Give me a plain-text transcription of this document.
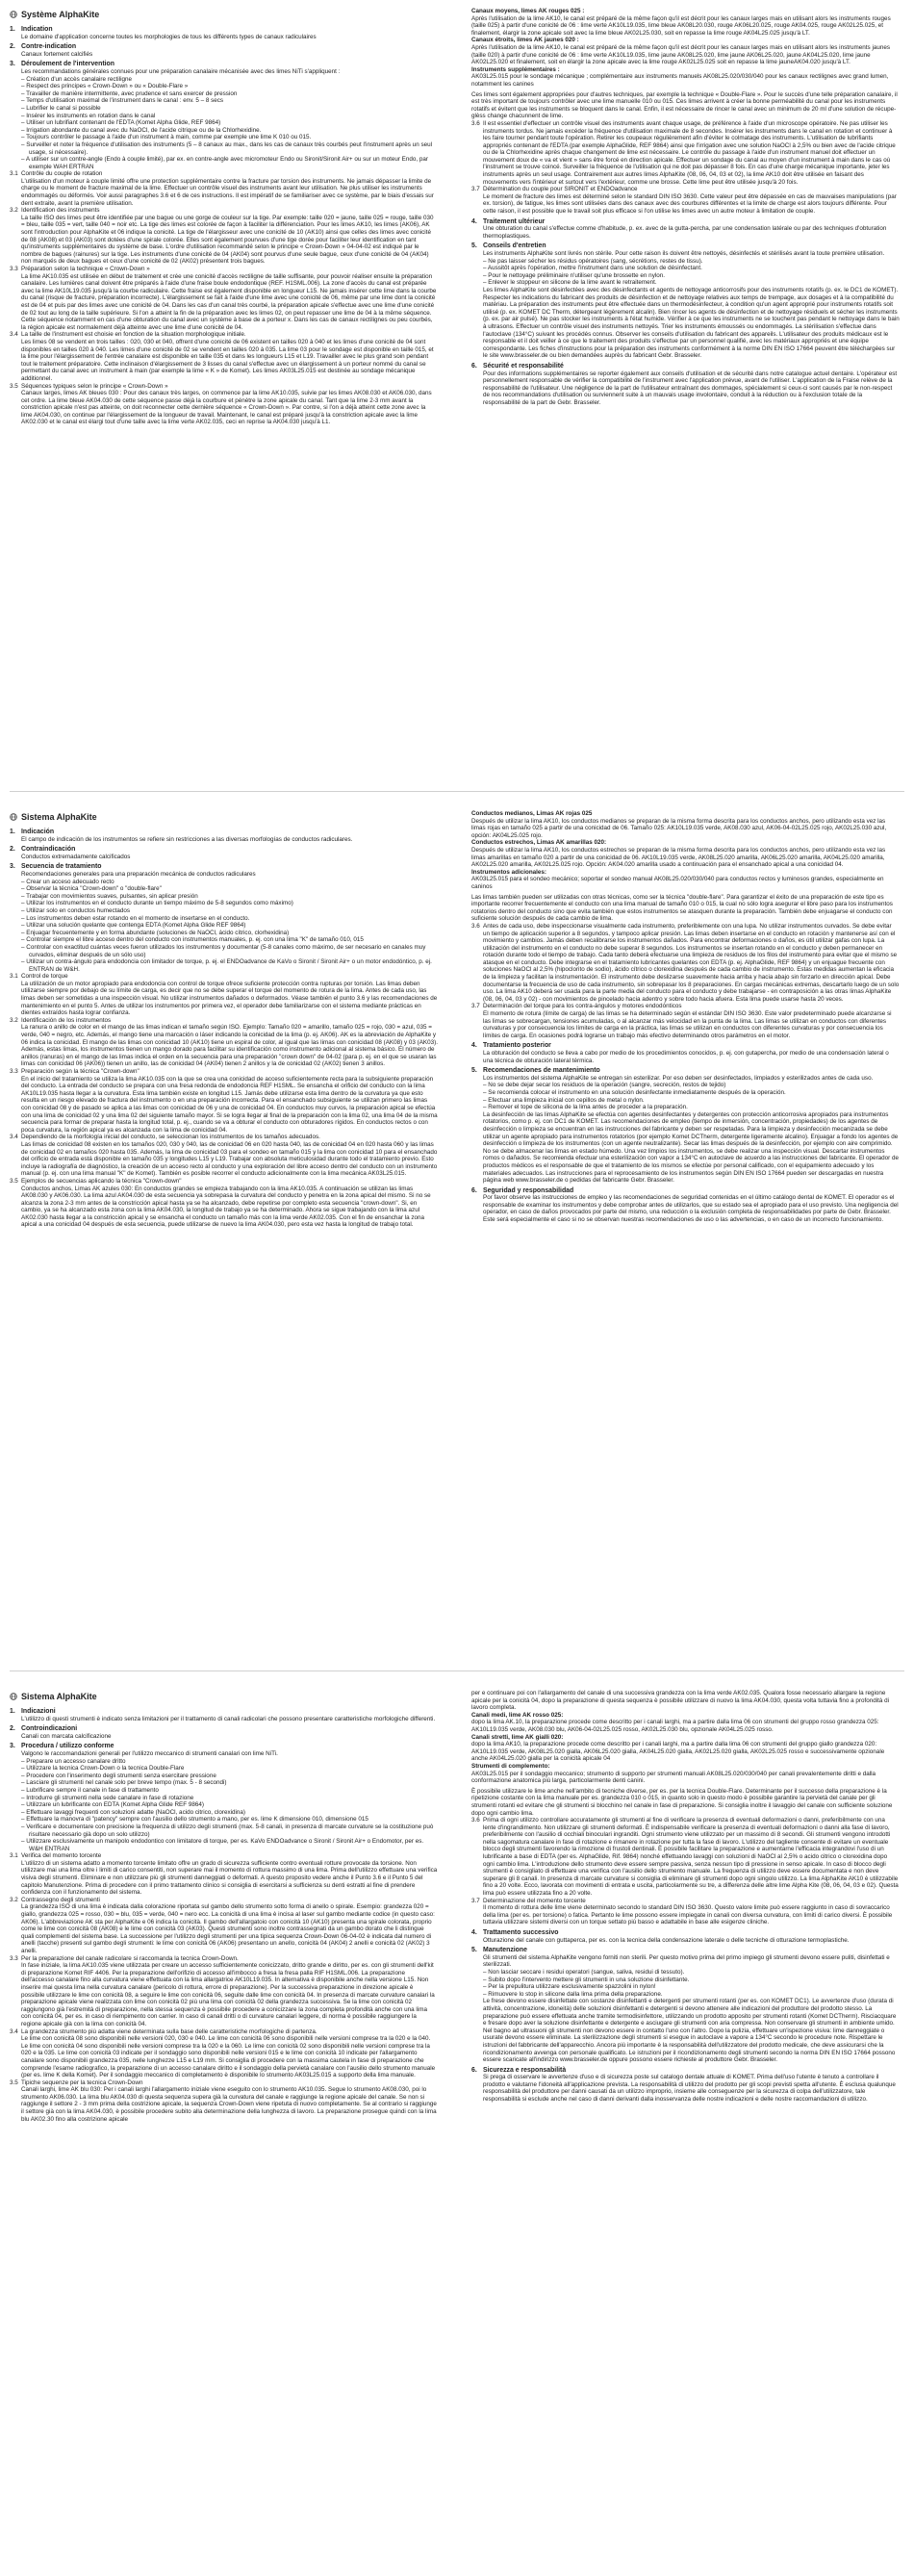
Système AlphaKite
1. Indication

Le domaine d'application concerne toutes les morphologies de tous les différents types de canaux radiculaires

2. Contre-indication

Canaux fortement calcifiés

3. Déroulement de l'intervention

Les recommandations générales connues pour une préparation canalaire mécanisée avec des limes NiTi s'appliquent :

– Création d'un accès canalaire rectiligne

– Respect des principes « Crown-Down » ou « Double-Flare »

– Travailler de manière intermittente, avec prudence et sans exercer de pression

– Temps d'utilisation maximal de l'instrument dans le canal : env. 5 – 8 secs

– Lubrifier le canal si possible

– Insérer les instruments en rotation dans le canal

– Utiliser un lubrifiant contenant de l'EDTA (Komet Alpha Glide, REF 9864)

– Irrigation abondante du canal avec du NaOCl, de l'acide citrique ou de la Chlorhexidine.

– Toujours contrôler le passage à l'aide d'un instrument à main, comme par exemple une lime K 010 ou 015.

– Surveiller et noter la fréquence d'utilisation des instruments (5 – 8 canaux au max., dans les cas de canaux très courbés peut l'instrument après un seul usage, si nécessaire).

– A utiliser sur un contre-angle (Endo à couple limité), par ex. en contre-angle avec micromoteur Endo ou Sironit/Sironit Air+ ou sur un moteur Endo, par exemple WAH ERTRAN

3.1 Contrôle du couple de rotation

L'utilisation d'un moteur à couple limité offre une protection supplémentaire contre la fracture par torsion des instruments. Ne jamais dépasser la limite de charge ou le moment de fracture maximal de la lime. Effectuer un contrôle visuel des instruments avant leur utilisation. Ne plus utiliser les instruments endommagés ou déformés. Voir aussi paragraphes 3.6 et 6 de ces instructions. Il est impératif de se familiariser avec ce système, par le biais d'essais sur dent extraite, avant la première utilisation.

3.2 Identification des instruments

La taille ISO des limes peut être identifiée par une bague ou une gorge de couleur sur la tige. Par exemple: taille 020 = jaune, taille 025 = rouge, taille 030 = bleu, taille 035 = vert, taille 040 = noir etc. La tige des limes est colorée de façon à faciliter la différenciation. Pour les limes AK10, les limes (AK06), AK sont l'introduction pour AlphaKite et 06 indique la conicité. La tige de l'élargisseur avec une conicité de 10 (AK10) ainsi que celles des limes avec conicité de 08 (AK08) et 03 (AK03) sont dotées d'une spirale colorée. Elles sont également pourvues d'une tige dorée pour faciliter leur identification en tant qu'instruments supplémentaires du système de base. L'ordre d'utilisation recommandé selon le principe « Crown-Down » 04-04-02 est indiqué par le nombre de bagues (rainures) sur la tige. Les instruments d'une conicité de 04 (AK04) sont pourvus d'une seule bague, ceux d'une conicité de 04 (AK04) non marqués de deux bagues et ceux d'une conicité de 02 (AK02) présentent trois bagues.

3.3 Préparation selon la technique « Crown-Down »

La lime AK10.035 est utilisée en début de traitement et crée une conicité d'accès rectiligne de taille suffisante, pour pouvoir réaliser ensuite la préparation canalaire. Les lumières canal doivent être préparés à l'aide d'une fraise boule endodontique (REF. H1SML.006). La zone d'accès du canal est préparée avec la lime AK10L19.035 jusqu'à la courbe radiculaire. Cette fraise est également disponible en longueur L15. Ne jamais insérer cette lime dans la courbe du canal (risque de fracture, préparation incorrecte). L'élargissement se fait à l'aide d'une lime avec une conicité de 06, même par une lime dont la conicité est de 04 et puis par des limes avec une conicité de 04. Dans les cas d'un canal très courbé, la préparation apicale s'effectue avec une lime d'une conicité de 02 tout au long de la taille supérieure. Si l'on a atteint la fin de la préparation avec les limes 02, on peut repasser une lime de 04 à la même séquence. Cette séquence notamment en cas d'une obturation du canal avec un système à base de a porteur x. Dans les cas de canaux rectilignes ou peu courbés, la région apicale est normalement déjà atteinte avec une lime d'une conicité de 04.

3.4 La taille de l'instrument est choisie en fonction de la situation morphologique initiale.

Les limes 08 se vendent en trois tailles : 020, 030 et 040, offrent d'une conicité de 06 existent en tailles 020 à 040 et les limes d'une conicité de 04 sont disponibles en tailles 020 à 040. Les limes d'une conicité de 02 se vendent en tailles 020 à 035. La lime 03 pour le sondage est disponible en taille 015, et la lime pour l'élargissement de l'entrée canalaire est disponible en taille 035 et dans les longueurs L15 et L19. Travailler avec le plus grand soin pendant tout le traitement préparatoire. Cette inclinaison d'élargissement de 3 lisses du canal s'effectue avec un élargissement à un porteur nommé du canal se permettant du canal avec un instrument à main (par exemple la lime « K » de Komet). Les limes AK03L25.015 est destinée au sondage mécanique additionnel.

3.5 Séquences typiques selon le principe « Crown-Down »

Canaux larges, limes AK bleues 030 : Pour des canaux très larges, on commence par la lime AK10.035, suivie par les limes AK08.030 et AK06.030, dans cet ordre. La lime bleue AK04.030 de cette séquence passe déjà la courbure et pénètre la zone apicale du canal. Tant que la lime 2-3 mm avant la constriction apicale n'est pas atteinte, on doit reconnecter cette dernière séquence « Crown-Down ». Par contre, si l'on a déjà atteint cette zone avec la lime AK04.030, on continue par l'élargissement de la longueur de travail. Maintenant, le canal est préparé jusqu'à la constriction apicale avec la lime AK02.030 et le canal est élargi tout d'une taille avec la lime verte AK02.035, ceci en reprise la AK04.030 jusqu'à L1.

Canaux moyens, limes AK rouges 025 :

Après l'utilisation de la lime AK10, le canal est préparé de la même façon qu'il est décrit pour les canaux larges mais en utilisant alors les instruments rouges (taille 025) à partir d'une conicité de 06 : lime verte AK10L19.035, lime bleue AK08L20.030, rouge AK06L20.025, rouge AK04.025, rouge AK02L25.025, et finalement, élargir la zone apicale soit avec la lime bleue AK02L25.030, soit en repasse la lime rouge AK04L25.025 jusqu'à LT.

Canaux étroits, limes AK jaunes 020 :

Après l'utilisation de la lime AK10, le canal est préparé de la même façon qu'il est décrit pour les canaux larges mais en utilisant alors les instruments jaunes (taille 020) à partir d'une conicité de 06 : lime verte AK10L19.035, lime jaune AK08L25.020, lime jaune AK06L25.020, jaune AK04L25.020, lime jaune AK02L25.020 et finalement, soit en élargir la zone apicale avec la lime rouge AK02L25.025 soit en repasse la lime jauneAK04.020 jusqu'à LT.

Instruments supplémentaires :

AK03L25.015 pour le sondage mécanique ; complémentaire aux instruments manuels AK08L25.020/030/040 pour les canaux rectilignes avec grand lumen, notamment les canines

Ces limes sont également appropriées pour d'autres techniques, par exemple la technique « Double-Flare ». Pour le succès d'une telle préparation canalaire, il est très important de toujours contrôler avec une lime manuelle 010 ou 015. Ces limes arrivent à créer la bonne perméabilité du canal pour les instruments rotatifs et évitent que les instruments se bloquent dans le canal. Enfin, il est nécessaire de rincer le canal avec un minimum de 20 ml d'une solution de récupe-glèss change chacunnent de lime.

3.6 Il est essentiel d'effectuer un contrôle visuel des instruments avant chaque usage, de préférence à l'aide d'un microscope opératoire. Ne pas utiliser les instruments tordus. Ne jamais excéder la fréquence d'utilisation maximale de 8 secondes. Insérer les instruments dans le canal en rotation et continuer à les faire tourner pendant toute l'opération. Retirer les coupeaux régulièrement afin d'éviter le colmatage des instruments. L'utilisation de lubrifiants appropriés contenant de l'EDTA (par exemple AlphaGlide, REF 9864) ainsi que l'irrigation avec une solution NaOCl à 2,5% ou bien avec de l'acide citrique ou de la Chlorhexidine après chaque changement de lime est nécessaire. Le contrôle du passage à l'aide d'un instrument manuel doit effectuer un mouvement doux de « va et vient » sans être forcé en direction apicale. Effectuer un sondage du canal au moyen d'un instrument à main dans le cas où l'instrument se trouve coincé. Surveiller la fréquence de l'utilisation qui ne doit pas dépasser 8 fois. En cas d'une charge mécanique importante, jeter les instruments après un seul usage. Contrairement aux autres limes AlphaKite (08, 06, 04, 03 et 02), la lime AK10 doit être utilisée en faisant des mouvements vers l'intérieur et surtout vers l'extérieur, comme une brosse. Cette lime peut être utilisée jusqu'à 20 fois.

3.7 Détermination du couple pour SIRONIT et ENDOadvance

Le moment de fracture des limes est déterminé selon le standard DIN ISO 3630. Cette valeur peut être dépassée en cas de mauvaises manipulations (par ex. torsion), de fatigue, les limes sont utilisées dans des canaux avec des courbures différentes et la limite de charge est alors toujours différente. Pour cette raison, il est possible que le travail soit plus efficace si l'on utilise les limes avec un autre moteur à limitation de couple.

4. Traitement ultérieur

Une obturation du canal s'effectue comme d'habitude, p. ex. avec de la gutta-percha, par une condensation latérale ou par des techniques d'obturation thermoplastiques.

5. Conseils d'entretien

Les instruments AlphaKite sont livrés non stérile. Pour cette raison ils doivent être nettoyés, désinfectés et stérilisés avant la toute première utilisation.

– Ne pas laisser sécher les résidus opératoires (sang, sécrétions, restes de tissu).

– Aussitôt après l'opération, mettre l'instrument dans une solution de désinfectant.

– Pour le nettoyage préliminaire n'utiliser qu'une brossette en nylon.

– Enlever le stoppeur en silicone de la lime avant le retraitement.

Les limes AlphaKite sont désinfectées avec des désinfectants et agents de nettoyage anticorrosifs pour des instruments rotatifs (p. ex. le DC1 de KOMET). Respecter les indications du fabricant des produits de désinfection et de nettoyage relatives aux temps de trempage, aux dosages et à la compatibilité du matériau. La préparation des instruments peut être effectuée dans un thermodésinfecteur, à condition qu'un agent approprié pour instruments rotatifs soit utilisé (p. ex. KOMET DC Therm, détergeant légèrement alcalin). Bien rincer les agents de désinfection et de nettoyage résiduels et sécher les instruments (p. ex. par air pulsé). Ne pas stocker les instruments à l'état humide. Vérifier à ce que les instruments ne se touchent pas pendant le nettoyage dans le bain à ultrasons. Effectuer un contrôle visuel des instruments nettoyés. Trier les instruments émoussés ou endommagés. La stérilisation s'effectue dans l'autoclave (134°C) suivant les procédés connus. Observer les conseils d'utilisation du fabricant des appareils. L'utilisateur des produits médicaux est le responsable et il doit veiller à ce que le traitement des produits s'effectue par un personnel qualifié, avec les matériaux appropriés et une équipe correspondante. Les fiches d'instructions pour la préparation des instruments conformément à la norme DIN EN ISO 17664 peuvent être téléchargées sur le site www.brasseler.de ou bien demandées auprès du fabricant Gebr. Brasseler.

6. Sécurité et responsabilité

Pour des informations supplémentaires se reporter également aux conseils d'utilisation et de sécurité dans notre catalogue actuel dentaire. L'opérateur est personnellement responsable de vérifier la compatibilité de l'instrument avec l'application prévue, avant de l'utiliser. L'application de la Fraise relève de la responsabilité de l'utilisateur. Une négligence de la part de l'utilisateur entraînant des dommages, spécialement si ceux-ci sont causés par le non-respect de nos recommandations d'utilisation ou surviennent suite à un mauvais usage involontaire, conduit à la réduction ou à l'exclusion totale de la responsabilité de la part de Gebr. Brasseler.

Sistema AlphaKite
1. Indicación

El campo de indicación de los instrumentos se refiere sin restricciones a las diversas morfologías de conductos radiculares.

2. Contraindicación

Conductos extremadamente calcificados

3. Secuencia de tratamiento

Recomendaciones generales para una preparación mecánica de conductos radiculares

– Crear un acceso adecuado recto

– Observar la técnica "Crown-down" o "double-flare"

– Trabajar con movimientos suaves, pulsantes, sin aplicar presión

– Utilizar los instrumentos en el conducto durante un tiempo máximo de 5-8 segundos como máximo)

– Utilizar solo en conductos humectados

– Los instrumentos deben estar rotando en el momento de insertarse en el conducto.

– Utilizar una solución quelante que contenga EDTA (Komet Alpha Glide REF 9864)

– Enjuagar frecuentemente y en forma abundante (soluciones de NaOCl, ácido cítrico, clorhexidina)

– Controlar siempre el libre acceso dentro del conducto con instrumentos manuales, p. ej. con una lima "K" de tamaño 010, 015

– Controlar con exactitud cuántas veces fueron utilizados los instrumentos y documentar (5-8 canales como máximo, de ser necesario en canales muy curvados, eliminar después de un sólo uso)

– Utilizar un contra-ángulo para endodoncia con limitador de torque, p. ej. el ENDOadvance de KaVo o Sironit / Sironit Air+ o un motor endodóntico, p. ej. ENTRAN de W&H.

3.1 Control de torque

La utilización de un motor apropiado para endodoncia con control de torque ofrece suficiente protección contra rupturas por torsión. Las limas deben utilizarse siempre por debajo de su límite de carga, es decir que no se debe superar el torque del momento de rotura de la lima. Antes de cada uso, las limas deben ser sometidas a una inspección visual. No utilizar instrumentos dañados o deformados. Véase también el punto 3.6 y las recomendaciones de mantenimiento en el punto 5. Antes de utilizar los instrumentos por primera vez, el operador debe familiarizarse con el sistema mediante prácticas en dientes extraídos hasta lograr confianza.

3.2 Identificación de los instrumentos

La ranura o anillo de color en el mango de las limas indican el tamaño según ISO. Ejemplo: Tamaño 020 = amarillo, tamaño 025 = rojo, 030 = azul, 035 = verde, 040 = negro, etc. Además, el mango tiene una marcación o láser indicando la conicidad de la lima (p. ej. AK06). AK es la abreviación de AlphaKite y 06 indica la conicidad. El mango de las limas con conicidad 10 (AK10) tiene un espiral de color, al igual que las limas con conicidad 08 (AK08) y 03 (AK03). Además, estas limas, los instrumentos tienen un mango dorado para facilitar su identificación como instrumento adicional al sistema básico. El número de anillos (ranuras) en el mango de las limas indica el orden en la secuencia para una preparación "crown down" de 04-02 (para p. ej. en el que se usaran las limas con conicidad 06 (AK06)) tienen un anillo, las de conicidad 04 (AK04) tienen 2 anillos y la de conicidad 02 (AK02) tienen 3 anillos.

3.3 Preparación según la técnica "Crown-down"

En el inicio del tratamiento se utiliza la lima AK10.035 con la que se crea una conicidad de acceso suficientemente recta para la subsiguiente preparación del conducto. La entrada del conducto se prepara con una fresa redonda de endodoncia REF H1SML. Se ensancha el orificio del conducto con la lima AK10L19.035 hasta llegar a la curvatura. Esta lima también existe en longitud L15. Jamás debe utilizarse esta lima dentro de la curvatura ya que esto resulta en un riesgo elevado de fractura del instrumento o en una preparación incorrecta. Para el ensanchado subsiguiente se utilizan primero las limas con conicidad 08 y de pasado se aplica a las limas con conicidad de 06 y una de conicidad 04. En conductos muy curvos, la preparación apical se efectúa con una lima de conicidad 02 y una lima 02 del siguiente tamaño mayor. Si se logra llegar al final de la preparación con la lima 02, una lima 04 de la misma secuencia para formar de preparar hasta la longitud total, p. ej., cuando se va a obturar el conducto con obturadores rígidos. En conductos rectos o con poca curvatura, la región apical ya es alcanzada con la lima de conicidad 04.

3.4 Dependiendo de la morfología inicial del conducto, se seleccionan los instrumentos de los tamaños adecuados.

Las limas de conicidad 08 existen en los tamaños 020, 030 y 040, las de conicidad 06 en 020 hasta 040, las de conicidad 04 en 020 hasta 060 y las limas de conicidad 02 en tamaños 020 hasta 035. Además, la lima de conicidad 03 para el sondeo en tamaño 015 y la lima con conicidad 10 para el ensanchado del orificio de entrada está disponible en tamaño 035 y longitudes L15 y L19. Trabajar con absoluta meticulosidad durante todo el tratamiento previo. Esto incluye la radiografía de diagnóstico, la creación de un acceso recto al conducto y una exploración del libre acceso dentro del conducto con un instrumento manual (p. ej. con una lima manual "K" de Komet). También es posible recorrer el conducto adicionalmente con la lima mecánica AK03L25.015.

3.5 Ejemplos de secuencias aplicando la técnica "Crown-down"

Conductos anchos, Limas AK azules 030: En conductos grandes se empieza trabajando con la lima AK10.035. A continuación se utilizan las limas AK08.030 y AK06.030. La lima azul AK04.030 de esta secuencia ya sobrepasa la curvatura del conducto y penetra en la zona apical del mismo. Si no se alcanza la zona 2-3 mm antes de la constricción apical hasta ya se ha alcanzado, debe repetirse por completo esta secuencia "crown-down". Si, en cambio, ya se ha alcanzado esta zona con la lima AK04.030, la longitud de trabajo ya se ha determinado. Ahora se sigue trabajando con la lima azul AK02.030 hasta llegar a la constricción apical y se ensancha el conducto un tamaño más con la lima verde AK02.035. Con el fin de ensanchar la zona apical a una conicidad 04 después de esta secuencia, puede utilizarse de nuevo la lima AK04.030, pero esta vez hasta la longitud de trabajo total.

Conductos medianos, Limas AK rojas 025

Después de utilizar la lima AK10, los conductos medianos se preparan de la misma forma descrita para los conductos anchos, pero utilizando esta vez las limas rojas en tamaño 025 a partir de una conicidad de 06. Tamaño 025: AK10L19.035 verde, AK08.030 azul, AK06-04-02L25.025 rojo, AK02L25.030 azul, opción: AK04L25.025 rojo.

Conductos estrechos, Limas AK amarillas 020:

Después de utilizar la lima AK10, los conductos estrechos se preparan de la misma forma descrita para los conductos anchos, pero utilizando esta vez las limas amarillas en tamaño 020 a partir de una conicidad de 06. AK10L19.035 verde, AK08L25.020 amarilla, AK06L25.020 amarilla, AK04L25.020 amarilla, AK02L25.020 amarilla, AK02L25.025 rojo. Opción: AK04.020 amarilla usado a continuación para el ensanchado apical a una conicidad 04.

Instrumentos adicionales:

AK03L25.015 para el sondeo mecánico; soportar el sondeo manual AK08L25.020/030/040 para conductos rectos y luminosos grandes, especialmente en caninos

Las limas también pueden ser utilizadas con otras técnicas, como ser la técnica "double-flare". Para garantizar el éxito de una preparación de este tipo es importante recorrer frecuentemente el conducto con una lima manual de tamaño 010 o 015, la cual no sólo logra asegurar el libre paso para los instrumentos rotatorios dentro del conducto sino que evita también que estos instrumentos se atasquen durante la preparación. También debe enjuagarse el conducto con suficiente solución después de cada cambio de lima.

3.6 Antes de cada uso, debe inspeccionarse visualmente cada instrumento, preferiblemente con una lupa. No utilizar instrumentos curvados. Se debe evitar un tiempo de aplicación superior a 8 segundos, y tampoco aplicar presión. Las limas deben insertarse en el conducto en rotación y mantenerse así con el movimiento y cambios. Jamás deben recalibrarse los instrumentos dañados. Para encontrar deformaciones o daños, es útil utilizar gafas con lupa. La utilización del instrumento en el conducto no debe superar 8 segundos. Los instrumentos se insertan rotando en el conducto y deben permanecer en rotación durante todo el tiempo de trabajo. Cada tanto deberá efectuarse una limpieza de residuos de los filos del instrumento para evitar que el mismo se atasque en el conducto. Debe integrarse en el tratamiento lubricantes quelantes con EDTA (p. ej. AlphaGlide, REF 9864) y un enjuague frecuente con soluciones NaOCl al 2,5% (hipoclorito de sodio), ácido cítrico o clorexidina después de cada cambio de instrumento. Estas medidas aumentan la eficacia de la limpieza y facilitan la instrumentación. El instrumento debe deslizarse suavemente hacia arriba y hacia abajo sin forzarlo en dirección apical. Debe documentarse la frecuencia de uso de cada instrumento, sin sobrepasar los 8 preparaciones. En cargas mecánicas extremas, descartarlo luego de un solo uso. La lima AK10 deberá ser usada para la parte media del conducto para el conducto y debe trabajarse - en contraposición a las otras limas AlphaKite (08, 06, 04, 03 y 02) - con movimientos de pincelado hacia adentro y sobre todo hacia afuera. Esta lima puede usarse hasta 20 veces.

3.7 Determinación del torque para los contra-ángulos y motores endodónticos

El momento de rotura (límite de carga) de las limas se ha determinado según el estándar DIN ISO 3630. Este valor predeterminado puede alcanzarse si las limas se sobrecargan, tensiones acumuladas, o al alcanzar más velocidad en la punta de la lima. Las limas se utilizan en conductos con diferentes curvaturas y por consecuencia los límites de carga en la práctica, las limas se utilizan en conductos con diferentes curvaturas y por consecuencia los límites de carga. En ocasiones podrá lograrse un trabajo más efectivo determinando otros parámetros en el motor.

4. Tratamiento posterior

La obturación del conducto se lleva a cabo por medio de los procedimientos conocidos, p. ej. con gutapercha, por medio de una condensación lateral o una técnica de obturación lateral térmica.

5. Recomendaciones de mantenimiento

Los instrumentos del sistema AlphaKite se entregan sin esterilizar. Por eso deben ser desinfectados, limpiados y esterilizados antes de cada uso.

– No se debe dejar secar los residuos de la operación (sangre, secreción, restos de tejido)

– Se recomienda colocar el instrumento en una solución desinfectante inmediatamente después de la operación.

– Efectuar una limpieza inicial con cepillos de metal o nylon.

– Remover el tope de silicona de la lima antes de proceder a la preparación.

La desinfección de las limas AlphaKite se efectúa con agentes desinfectantes y detergentes con protección anticorrosiva apropiados para instrumentos rotatorios, como p. ej. con DC1 de KOMET. Las recomendaciones de empleo (tiempo de inmersión, concentración, propiedades) de los agentes de desinfección o limpieza se encuentran en las instrucciones del fabricante y deben ser respetadas. Para la limpieza y desinfección mecanizada se debe utilizar un agente apropiado para instrumentos rotatorios (por ejemplo Komet DCTherm, detergente ligeramente alcalino). Enjuagar a fondo los agentes de desinfección o limpieza de los instrumentos (con un agente neutralizante). Secar las limas después de la desinfección, por ejemplo con aire comprimido. No se debe almacenar las limas en estado húmedo. Una vez limpios los instrumentos, se debe realizar una inspección visual. Descartar instrumentos romos o dañados. Se recomienda efectuar una esterilización con vapor a 134°C en autoclave de acuerdo a las instrucciones del fabricante. El operador de productos médicos es el responsable de que el tratamiento de los mismos se efectúe por personal calificado, con el equipamiento adecuado y los materiales adecuados. Las instrucciones para el reprocesamiento de los instrumentos según DIN EN ISO 17664 pueden ser descargadas en nuestra página web www.brasseler.de o pedidas del fabricante Gebr. Brasseler.

6. Seguridad y responsabilidad

Por favor observe las instrucciones de empleo y las recomendaciones de seguridad contenidas en el último catálogo dental de KOMET. El operador es el responsable de examinar los instrumentos y debe comprobar antes de utilizarlos, que su estado sea el apropiado para el uso previsto. Una negligencia del operador, en caso de daños provocados por parte del mismo, una reducción o la exclusión completa de responsabilidades por parte de Gebr. Brasseler. Este será especialmente el caso si no se observan nuestras recomendaciones de uso o las advertencias, o en caso de un incorrecto funcionamiento.

Sistema AlphaKite
1. Indicazioni

L'utilizzo di questi strumenti è indicato senza limitazioni per il trattamento di canali radicolari che possono presentare caratteristiche morfologiche differenti.

2. Controindicazioni

Canali con marcata calcificazione

3. Procedura / utilizzo conforme

Valgono le raccomandazioni generali per l'utilizzo meccanico di strumenti canalari con lime NiTi.

– Preparare un accesso canalare dritto

– Utilizzare la tecnica Crown-Down o la tecnica Double-Flare

– Procedere con l'inserimento degli strumenti senza esercitare pressione

– Lasciare gli strumenti nel canale solo per breve tempo (max. 5 - 8 secondi)

– Lubrificare sempre il canale in fase di trattamento

– Introdurre gli strumenti nella sede canalare in fase di rotazione

– Utilizzare un lubrificante con EDTA (Komet Alpha Glide REF 9864)

– Effettuare lavaggi frequenti con soluzioni adatte (NaOCl, acido citrico, clorexidina)

– Effettuare la manovra di "patency" sempre con l'ausilio dello strumento a mano, per es. lime K dimensione 010, dimensione 015

– Verificare e documentare con precisione la frequenza di utilizzo degli strumenti (max. 5-8 canali, in presenza di marcate curvature se la costituzione può risultare necessario già dopo un solo utilizzo)

– Utilizzare esclusivamente un manipolo endodontico con limitatore di torque, per es. KaVo ENDOadvance o Sironit / Sironit Air+ o Endomotor, per es. W&H ENTRAN

3.1 Verifica del momento torcente

L'utilizzo di un sistema adatto a momento torcente limitato offre un grado di sicurezza sufficiente contro eventuali rotture provocate da torsione. Non utilizzare mai una lima oltre i limiti di carico consentiti, non superare mai il momento di rottura massimo di una lima. Prima dell'utilizzo effettuare una verifica visiva degli strumenti. Eliminare e non utilizzare più gli strumenti danneggiati o deformati. A questo proposito vedere anche il Punto 3.6 e il Punto 5 del capitolo Manutenzione. Prima di procedere con il primo trattamento clinico si consiglia di esercitarsi a sufficienza su denti estratti al fine di prendere confidenza con il funzionamento del sistema.

3.2 Contrassegno degli strumenti

La grandezza ISO di una lima è indicata dalla colorazione riportata sul gambo dello strumento sotto forma di anello o spirale. Esempio: grandezza 020 = giallo, grandezza 025 = rosso, 030 = blu, 035 = verde, 040 = nero ecc. La conicità di una lima è incisa al laser sul gambo mediante codice (in questo caso: AK06). L'abbreviazione AK sta per AlphaKite e 06 indica la conicità. Il gambo dell'allargatoio con conicità 10 (AK10) presenta una spirale colorata, proprio come le lime con conicità 08 (AK08) e le lime con conicità 03 (AK03). Questi strumenti sono inoltre contrassegnati da un gambo dorato che li distingue quali complementi del sistema base. La successione per l'utilizzo degli strumenti per una tipica sequenza Crown-Down 06-04-02 è indicata dal numero di anelli (tacche) presenti sul gambo degli strumenti: le lime con conicità 06 (AK06) presentano un anello, conicità 04 (AK04) 2 anelli e conicità 02 (AK02) 3 anelli.

3.3 Per la preparazione del canale radicolare si raccomanda la tecnica Crown-Down.

In fase iniziale, la lima AK10.035 viene utilizzata per creare un accesso sufficientemente conicizzato, dritto grande e diritto, per es. con gli strumenti dell'kit di preparazione Komet RIF 4406. Per la preparazione dell'orifizio di accesso all'imbocco a fresa la fresa palla RIF H1SML.006. La preparazione dell'accesso canalare fino alla curvatura viene effettuata con la lima allargatrice AK10L19.035. In alternativa è disponibile anche nella versione L15. Non inserire mai questa lima nella curvatura canalare (pericolo di rottura, errore di preparazione). Per la successiva preparazione in direzione apicale è possibile utilizzare le lime con conicità 08, a seguire le lime con conicità 06, seguite dalle lime con conicità 04. In presenza di marcate curvature canalari la preparazione apicale viene realizzata con lime con conicità 02 più una lima con conicità 02 della grandezza successiva. Se la lime con conicità 02 raggiungono già l'estremità di preparazione, nella stessa sequenza è possibile procedere a conicizzare la zona completa profondità anche con una lima con conicità 04, per es. in caso di riempimento con carrier. In caso di canali dritti o di curvature canalari leggere, di norma è possibile raggiungere la regione apicale già con la lima con conicità 04.

3.4 La grandezza strumento più adatta viene determinata sulla base delle caratteristiche morfologiche di partenza.

Le lime con conicità 08 sono disponibili nelle versioni 020, 030 e 040. Le lime con conicità 06 sono disponibili nelle versioni comprese tra la 020 e la 040. Le lime con conicità 04 sono disponibili nelle versioni comprese tra la 020 e la 060. Le lime con conicità 02 sono disponibili nelle versioni comprese tra la 020 e la 035. Le lime con conicità 03 indicate per il sondaggio sono disponibili nelle versioni 015 e le lime con conicità 10 indicate per l'allargamento canalare sono disponibili grandezza 035, nelle lunghezze L15 e L19 mm. Si consiglia di procedere con la massima cautela in fase di preparazione che comprende l'esame radiografico, la preparazione di un accesso canalare diritto e il sondaggio della pervietà canalare con l'ausilio dello strumento manuale (per es. lime K della Komet). Per il sondaggio meccanico di completamento è disponibile lo strumento AK03L25.015 a supporto della lima manuale.

3.5 Tipiche sequenze per la tecnica Crown-Down

Canali larghi, lime AK blu 030: Per i canali larghi l'allargamento iniziale viene eseguito con lo strumento AK10.035. Segue lo strumento AK08.030, poi lo strumento AK06.030. La lima blu AK04.030 di questa sequenza supera già la curvatura del canale e raggiunge la regione apicale del canale. Se non si raggiunge il settore 2 - 3 mm prima della costrizione apicale, la sequenza Crown-Down viene ripetuta di nuovo completamente. Se al contrario si raggiunge il settore già con la lima AK04.030, è possibile procedere subito alla determinazione della lunghezza di lavoro. La preparazione prosegue quindi con la lima blu AK02.30 fino alla costrizione apicale

per e continuare poi con l'allargamento del canale di una successiva grandezza con la lima verde AK02.035. Qualora fosse necessario allargare la regione apicale per la conicità 04, dopo la preparazione di questa sequenza è possibile utilizzare di nuovo la lima AK04.030, questa volta tuttavia fino a profondità di lavoro completa.

Canali medi, lime AK rosso 025:

dopo la lima AK.10, la preparazione procede come descritto per i canali larghi, ma a partire dalla lima 06 con strumenti del gruppo rosso grandezza 025: AK10L19.035 verde, AK08.030 blu, AK06-04-02L25.025 rosso, AK02L25.030 blu, opzionale AK04L25.025 rosso.

Canali stretti, lime AK gialli 020:

dopo la lima AK10, la preparazione procede come descritto per i canali larghi, ma a partire dalla lima 06 con strumenti del gruppo giallo grandezza 020: AK10L19.035 verde, AK08L25.020 gialla, AK06L25.020 gialla, AK04L25.020 gialla, AK02L25.020 gialla, AK02L25.025 rosso e successivamente opzionale anche AK04L25.020 gialla per la conicità apicale 04

Strumenti di complemento:

AK03L25.015 per il sondaggio meccanico; strumento di supporto per strumenti manuali AK08L25.020/030/040 per canali prevalentemente diritti e dalla conformazione anatomica più larga, particolarmente denti canini.

È possibile utilizzare le lime anche nell'ambito di tecniche diverse, per es. per la tecnica Double-Flare. Determinante per il successo della preparazione è la ripetizione costante con la lima manuale per es. grandezza 010 o 015, in quanto solo in questo modo è possibile garantire la pervietà del canale per gli strumenti rotanti ed evitare che gli strumenti si blocchino nel canale in fase di preparazione. Si consiglia inoltre il lavaggio del canale con sufficiente soluzione dopo ogni cambio lima.

3.6 Prima di ogni utilizzo controllare accuratamente gli strumenti al fine di verificare la presenza di eventuali deformazioni o danni, preferibilmente con una lente d'ingrandimento. Non utilizzare gli strumenti deformati. È indispensabile verificare la presenza di eventuali deformazioni o danni alla fase di lavoro, preferibilmente con l'ausilio di occhiali binoculari ingranditi. Ogni strumento viene utilizzato per un massimo di 8 secondi. Gli strumenti vengono introdotti nella sagomatura canalare in fase di rotazione e rimanere in rotazione per tutta la fase di lavoro. L'utilizzo del tagliente consente di evitare un eventuale blocco degli strumenti favorendo la rimozione di frustoli dentinali. È possibile facilitare la preparazione e aumentarne l'efficacia integrandovi l'uso di un lubrificante a base di EDTA (per es. AlphaGlide, Rif. 9864) nonché effettuando lavaggi con soluzioni di NaOCl al 2,5% o acido citrico o clorexidina dopo ogni cambio lima. L'introduzione dello strumento deve essere sempre passiva, senza nessun tipo di pressione in senso apicale. In caso di blocco degli strumenti è consigliato di effettuare una verifica con l'ausilio dello strumento manuale. La frequenza di utilizzo deve essere documentata e non deve superare gli 8 canali. In presenza di marcate curvature si consiglia di eliminare gli strumenti dopo ogni singolo utilizzo. La lima AlphaKite AK10 è utilizzabile fino a 20 volte. Ecco, lavorata con movimenti di entrata e uscita, particolarmente su tre, a differenza delle altre lime Alpha Kite (08, 06, 04, 03 e 02). Questa lima può essere utilizzata fino a 20 volte.

3.7 Determinazione del momento torcente

Il momento di rottura delle lime viene determinato secondo lo standard DIN ISO 3630. Questo valore limite può essere raggiunto in caso di sovraccarico della lima (per es. per torsione) o fatica. Pertanto le lime possono essere impiegate in canali con diversa curvatura, con limiti di carico diversi. È possibile tuttavia utilizzare sistemi diversi con un torque settato più basso e adattabile in base alle esigenze cliniche.

4. Trattamento successivo

Otturazione del canale con guttaperca, per es. con la tecnica della condensazione laterale o delle tecniche di otturazione termoplastiche.

5. Manutenzione

Gli strumenti del sistema AlphaKite vengono forniti non sterili. Per questo motivo prima del primo impiego gli strumenti devono essere puliti, disinfettati e sterilizzati.

– Non lasciar seccare i residui operatori (sangue, saliva, residui di tessuto).

– Subito dopo l'intervento mettere gli strumenti in una soluzione disinfettante.

– Per la prepulitura utilizzare esclusivamente spazzolini in nylon!

– Rimuovere lo stop in silicone dalla lima prima della preparazione.

Le frese devono essere disinfettate con sostanze disinfettanti e detergenti per strumenti rotanti (per es. con KOMET DC1). Le avvertenze d'uso (durata di attività, concentrazione, idoneità) delle soluzioni disinfettanti e detergenti si devono attenere alle indicazioni del produttore del prodotto stesso. La preparazione può essere effettuata anche tramite termodisinfettore, utilizzando un prodotto apposito per strumenti rotanti (Komet DCTherm). Risciacquare e fresare dopo aver la soluzione disinfettante e detergente e asciugare gli strumenti con aria compressa. Non conservare gli strumenti in ambiente umido. Nel bagno ad ultrasuoni gli strumenti non devono essere in contatto l'uno con l'altro. Dopo la pulizia, effettuare un'ispezione visiva: lime danneggiate o usurate devono essere eliminate. La sterilizzazione degli strumenti si esegue in autoclave a vapore a 134°C secondo le procedure note. Rispettare le istruzioni del fabbricante dell'apparecchio. Ancora più importante è la responsabilità dell'utilizzatore del prodotto medicale, che deve assicurarsi che la ricondizionamento avvenga con personale qualificato. Le istruzioni per il ricondizionamento degli strumenti secondo la norma DIN EN ISO 17664 possono essere scaricate all'indirizzo www.brasseler.de oppure possono essere richieste al produttore Gebr. Brasseler.

6. Sicurezza e responsabilità

Si prega di osservare le avvertenze d'uso e di sicurezza poste sul catalogo dentale attuale di KOMET. Prima dell'uso l'utente è tenuto a controllare il prodotto e valutarne l'idoneità all'applicazione prevista. La responsabilità di utilizzo del prodotto per gli scopi previsti spetta all'utente. È esclusa qualunque responsabilità del produttore per danni causati da un utilizzo improprio, insieme alle conseguenze per la sicurezza di colpa dell'utilizzatore, tale responsabilità si esclude anche nel caso di danni derivanti dalla inosservanza delle nostre indicazioni e delle nostre raccomandazioni di utilizzo.
